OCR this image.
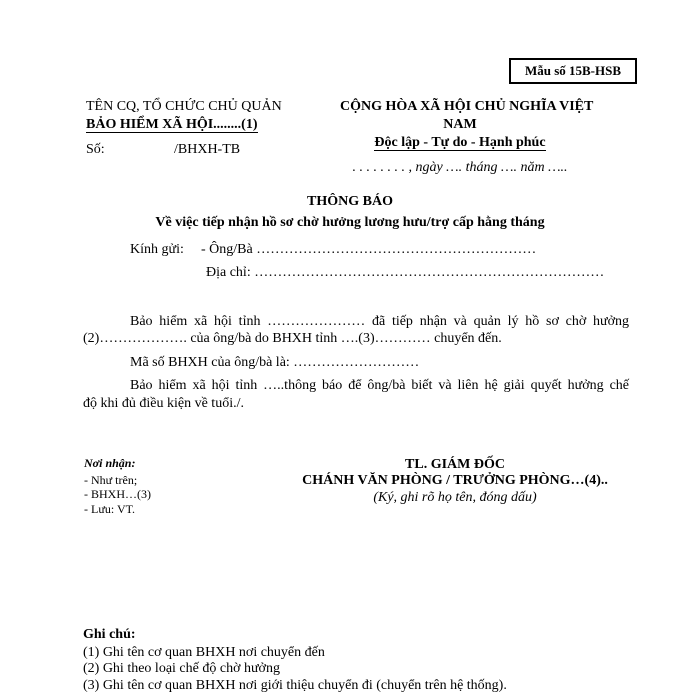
Mẫu số 15B-HSB
TÊN CQ, TỔ CHỨC CHỦ QUẢN
BẢO HIỂM XÃ HỘI........(1)
Số:	/BHXH-TB
CỘNG HÒA XÃ HỘI CHỦ NGHĨA VIỆT
NAM
Độc lập - Tự do - Hạnh phúc
. . . . . . . . , ngày …. tháng …. năm …..
THÔNG BÁO
Về việc tiếp nhận hồ sơ chờ hưởng lương hưu/trợ cấp hằng tháng
Kính gửi: - Ông/Bà ……………………………………………………
Địa chỉ: …………………………………………………………………
Bảo hiểm xã hội tỉnh ………………… đã tiếp nhận và quản lý hồ sơ chờ hưởng
(2)………………. của ông/bà do BHXH tỉnh ….(3)………… chuyển đến.
Mã số BHXH của ông/bà là: ………………………
Bảo hiểm xã hội tỉnh …..thông báo để ông/bà biết và liên hệ giải quyết hưởng chế
độ khi đủ điều kiện về tuổi./.
Nơi nhận:
- Như trên;
- BHXH…(3)
- Lưu: VT.
TL. GIÁM ĐỐC
CHÁNH VĂN PHÒNG / TRƯỞNG PHÒNG…(4)..
(Ký, ghi rõ họ tên, đóng dấu)
Ghi chú:
(1) Ghi tên cơ quan BHXH nơi chuyển đến
(2) Ghi theo loại chế độ chờ hưởng
(3) Ghi tên cơ quan BHXH nơi giới thiệu chuyển đi (chuyển trên hệ thống).
